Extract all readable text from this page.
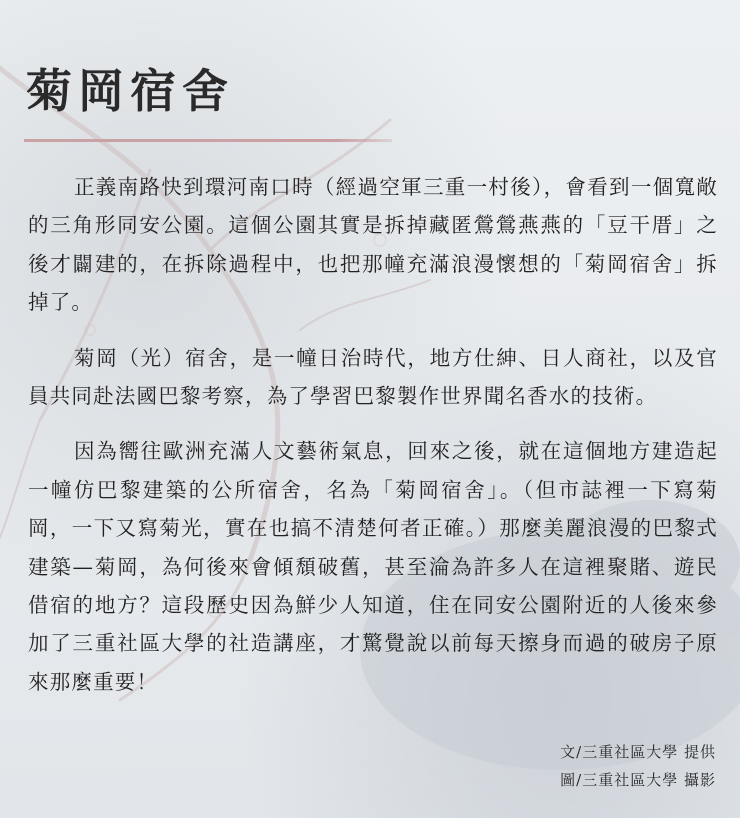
菊岡宿舍

正義南路快到環河南口時（經過空軍三重一村後），會看到一個寬敞的三角形同安公園。這個公園其實是拆掉藏匿鶯鶯燕燕的「豆干厝」之後才闢建的，在拆除過程中，也把那幢充滿浪漫懷想的「菊岡宿舍」拆掉了。

菊岡（光）宿舍，是一幢日治時代，地方仕紳、日人商社，以及官員共同赴法國巴黎考察，為了學習巴黎製作世界聞名香水的技術。

因為嚮往歐洲充滿人文藝術氣息，回來之後，就在這個地方建造起一幢仿巴黎建築的公所宿舍，名為「菊岡宿舍」。（但市誌裡一下寫菊岡，一下又寫菊光，實在也搞不清楚何者正確。）那麼美麗浪漫的巴黎式建築—菊岡，為何後來會傾頹破舊，甚至淪為許多人在這裡聚賭、遊民借宿的地方？這段歷史因為鮮少人知道，住在同安公園附近的人後來參加了三重社區大學的社造講座，才驚覺說以前每天擦身而過的破房子原來那麼重要！

文/三重社區大學 提供
圖/三重社區大學 攝影
